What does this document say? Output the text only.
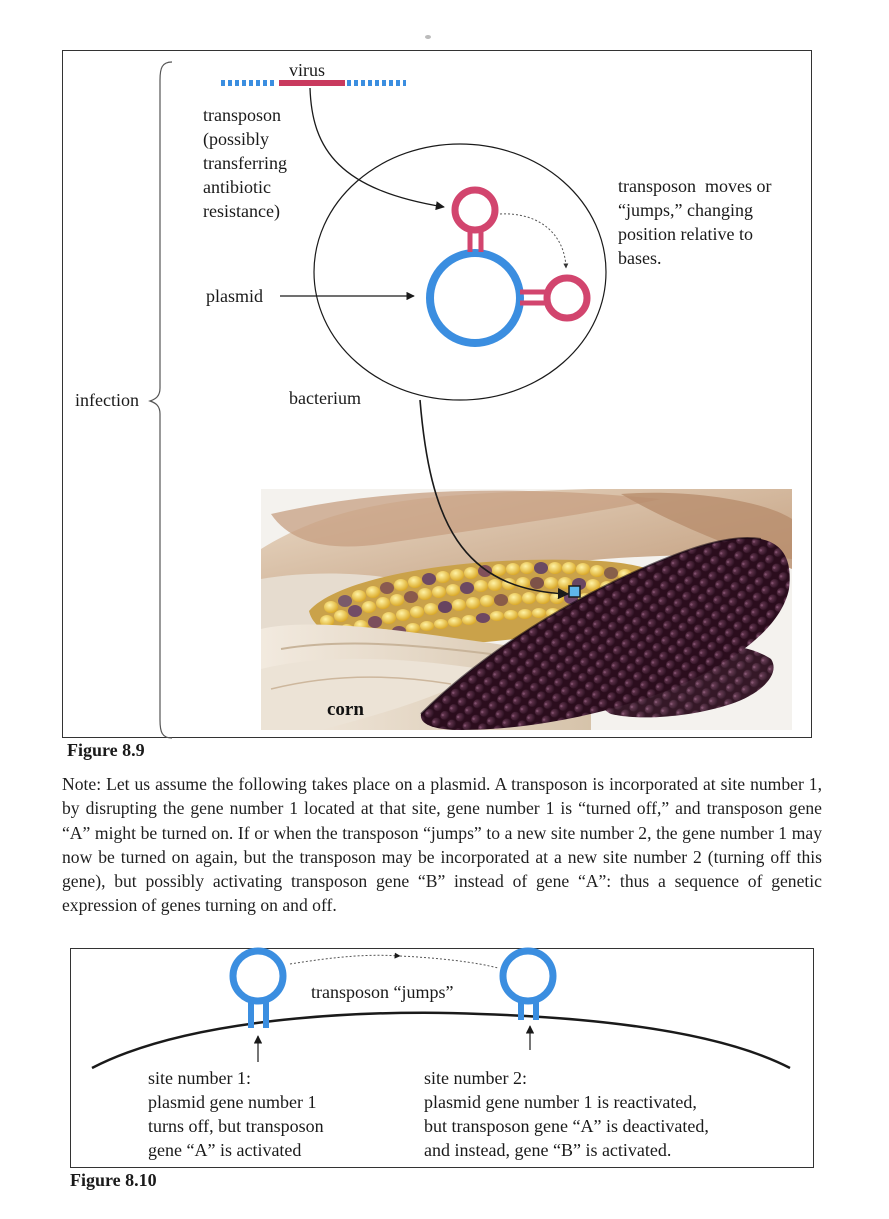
virus
transposon
(possibly
transferring
antibiotic
resistance)
transposon  moves or
“jumps,” changing
position relative to
bases.
plasmid
bacterium
infection
corn
Figure 8.9
Note: Let us assume the following takes place on a plasmid. A transposon is incorporated at site number 1, by disrupting the gene number 1 located at that site, gene number 1 is “turned off,” and transposon gene “A” might be turned on. If or when the transposon “jumps” to a new site number 2, the gene number 1 may now be turned on again, but the transposon may be incorporated at a new site number 2 (turning off this gene), but possibly activating transposon gene “B” instead of gene “A”: thus a sequence of genetic expression of genes turning on and off.
transposon “jumps”
site number 1:
plasmid gene number 1
turns off, but transposon
gene “A” is activated
site number 2:
plasmid gene number 1 is reactivated,
but transposon gene “A” is deactivated,
and instead, gene “B” is activated.
Figure 8.10
